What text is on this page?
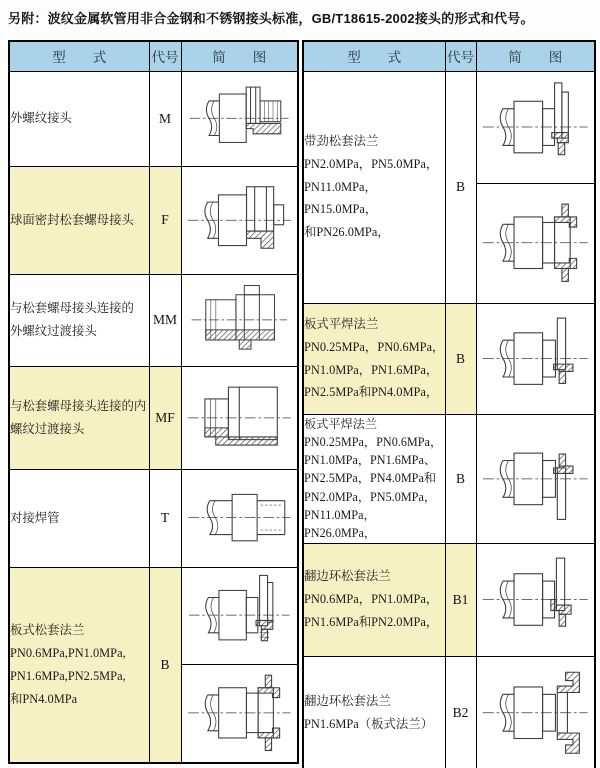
另附：波纹金属软管用非合金钢和不锈钢接头标准，GB/T18615-2002接头的形式和代号。
型　　式	代号	简　　图
外螺纹接头	M	

球面密封松套螺母接头	F	

与松套螺母接头连接的
外螺纹过渡接头	MM	

与松套螺母接头连接的内
螺纹过渡接头	MF	

对接焊管	T	

板式松套法兰
PN0.6MPa,PN1.0MPa,
PN1.6MPa,PN2.5MPa,
和PN4.0MPa	B	

型　　式	代号	简　　图
带劲松套法兰
PN2.0MPa，PN5.0MPa，
PN11.0MPa，PN15.0MPa，
和PN26.0MPa，	B	

板式平焊法兰
PN0.25MPa，PN0.6MPa，
PN1.0MPa，PN1.6MPa，
PN2.5MPa和PN4.0MPa，	B	

板式平焊法兰
PN0.25MPa，PN0.6MPa，
PN1.0MPa，PN1.6MPa、
PN2.5MPa，PN4.0MPa和
PN2.0MPa，PN5.0MPa，
PN11.0MPa，PN26.0MPa，	B	

翻边环松套法兰
PN0.6MPa，PN1.0MPa，
PN1.6MPa和PN2.0MPa，	B1	

翻边环松套法兰
PN1.6MPa（板式法兰）	B2	
